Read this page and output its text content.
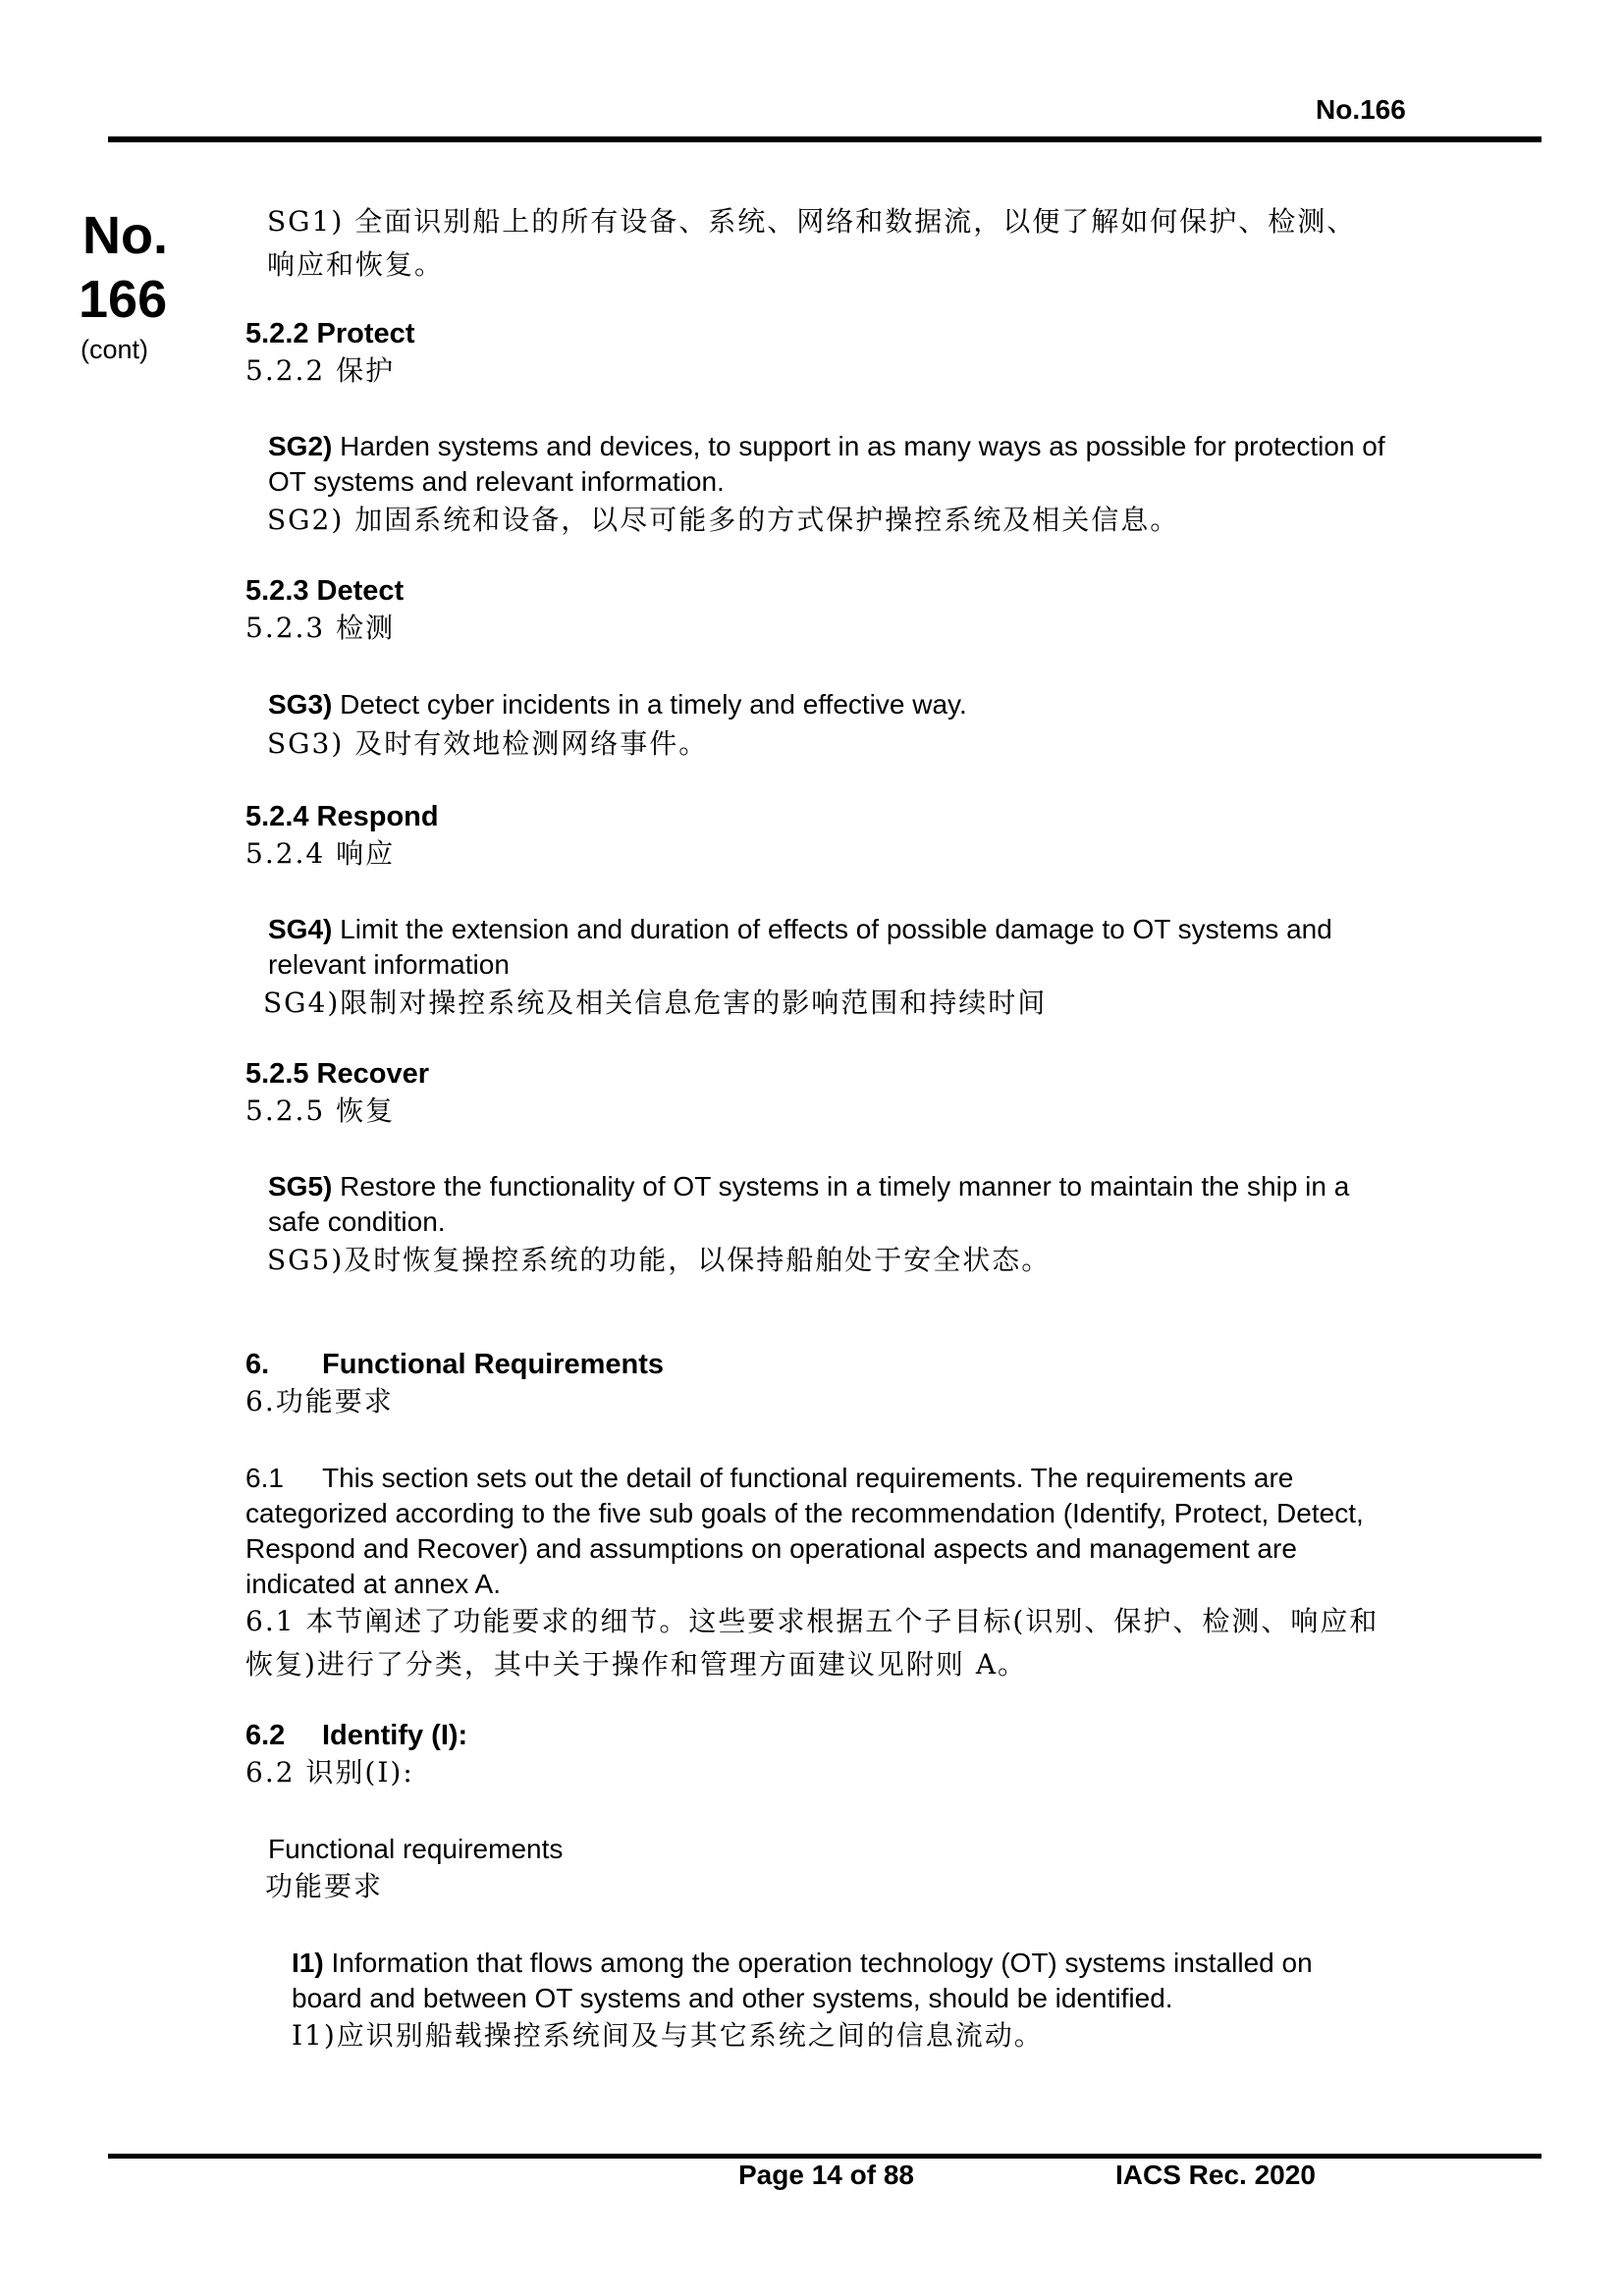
No.166
No.
166
(cont)
SG1) 全面识别船上的所有设备、系统、网络和数据流，以便了解如何保护、检测、
响应和恢复。
5.2.2 Protect
5.2.2 保护
SG2) Harden systems and devices, to support in as many ways as possible for protection of
OT systems and relevant information.
SG2) 加固系统和设备，以尽可能多的方式保护操控系统及相关信息。
5.2.3 Detect
5.2.3 检测
SG3) Detect cyber incidents in a timely and effective way.
SG3) 及时有效地检测网络事件。
5.2.4 Respond
5.2.4 响应
SG4) Limit the extension and duration of effects of possible damage to OT systems and
relevant information
SG4)限制对操控系统及相关信息危害的影响范围和持续时间
5.2.5 Recover
5.2.5 恢复
SG5) Restore the functionality of OT systems in a timely manner to maintain the ship in a
safe condition.
SG5)及时恢复操控系统的功能，以保持船舶处于安全状态。
6. Functional Requirements
6.功能要求
6.1 This section sets out the detail of functional requirements. The requirements are
categorized according to the five sub goals of the recommendation (Identify, Protect, Detect,
Respond and Recover) and assumptions on operational aspects and management are
indicated at annex A.
6.1 本节阐述了功能要求的细节。这些要求根据五个子目标(识别、保护、检测、响应和
恢复)进行了分类，其中关于操作和管理方面建议见附则 A。
6.2 Identify (I):
6.2 识别(I):
Functional requirements
功能要求
I1) Information that flows among the operation technology (OT) systems installed on
board and between OT systems and other systems, should be identified.
I1)应识别船载操控系统间及与其它系统之间的信息流动。
Page 14 of 88	IACS Rec. 2020
